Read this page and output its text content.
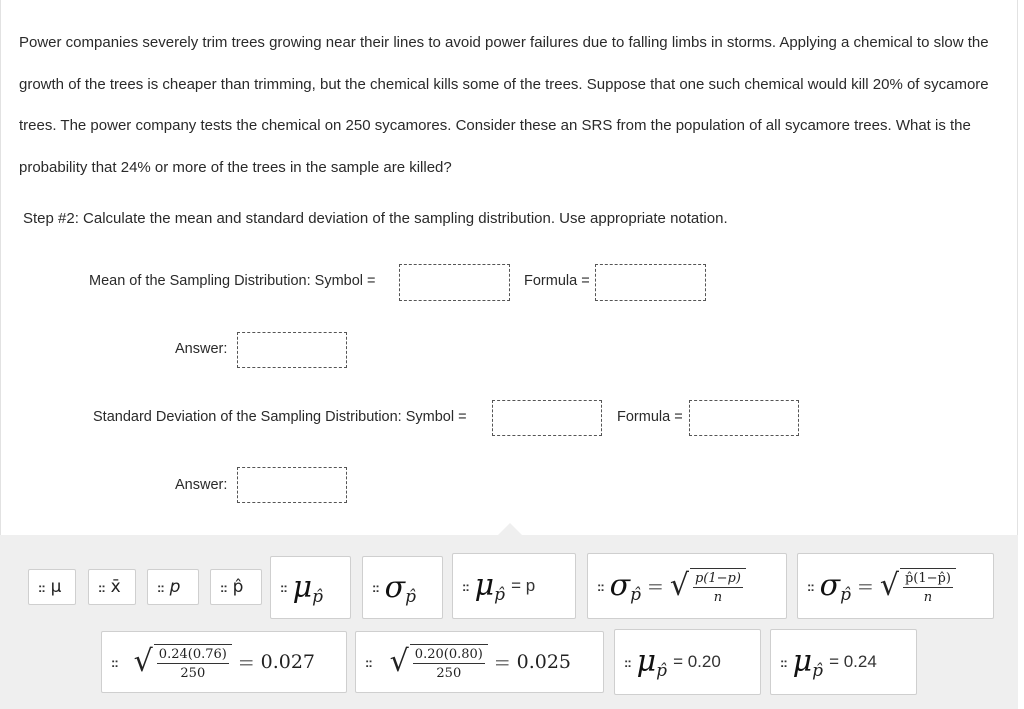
Power companies severely trim trees growing near their lines to avoid power failures due to falling limbs in storms. Applying a chemical to slow the growth of the trees is cheaper than trimming, but the chemical kills some of the trees. Suppose that one such chemical would kill 20% of sycamore trees. The power company tests the chemical on 250 sycamores. Consider these an SRS from the population of all sycamore trees. What is the probability that 24% or more of the trees in the sample are killed?
Step #2: Calculate the mean and standard deviation of the sampling distribution. Use appropriate notation.
Mean of the Sampling Distribution: Symbol =	Formula =
Answer:
Standard Deviation of the Sampling Distribution: Symbol =	Formula =
Answer:
:: μ	:: x̄	:: p	:: p̂	:: μ p̂	:: σ p̂
:: μ p̂ = p	:: σ p̂ = √ $\frac{p(1-p)}{n}$	:: σ p̂ = √ $\frac{p̂(1-p̂)}{n}$
:: √ $\frac{0.24(0.76)}{250} = 0.027$	:: √ $\frac{0.20(0.80)}{250} = 0.025$	:: μ p̂ = 0.20	:: μ p̂ = 0.24
